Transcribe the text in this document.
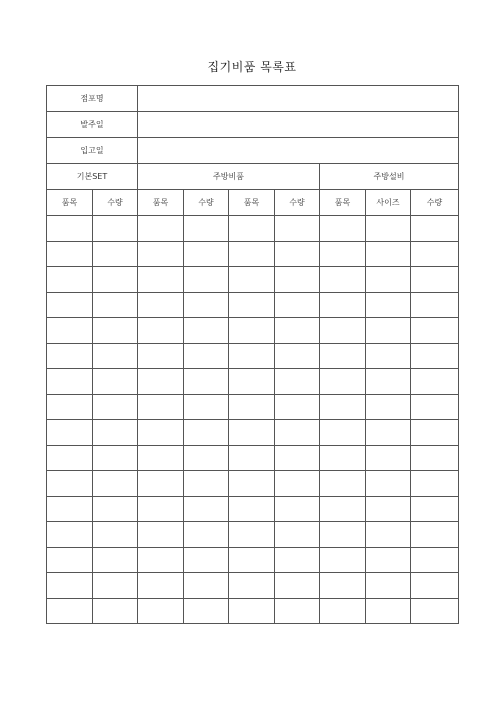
집기비품 목록표
점포명								
발주일								
입고일								
기본SET		주방비품				주방설비		
품목	수량	품목	수량	품목	수량	품목	사이즈	수량
